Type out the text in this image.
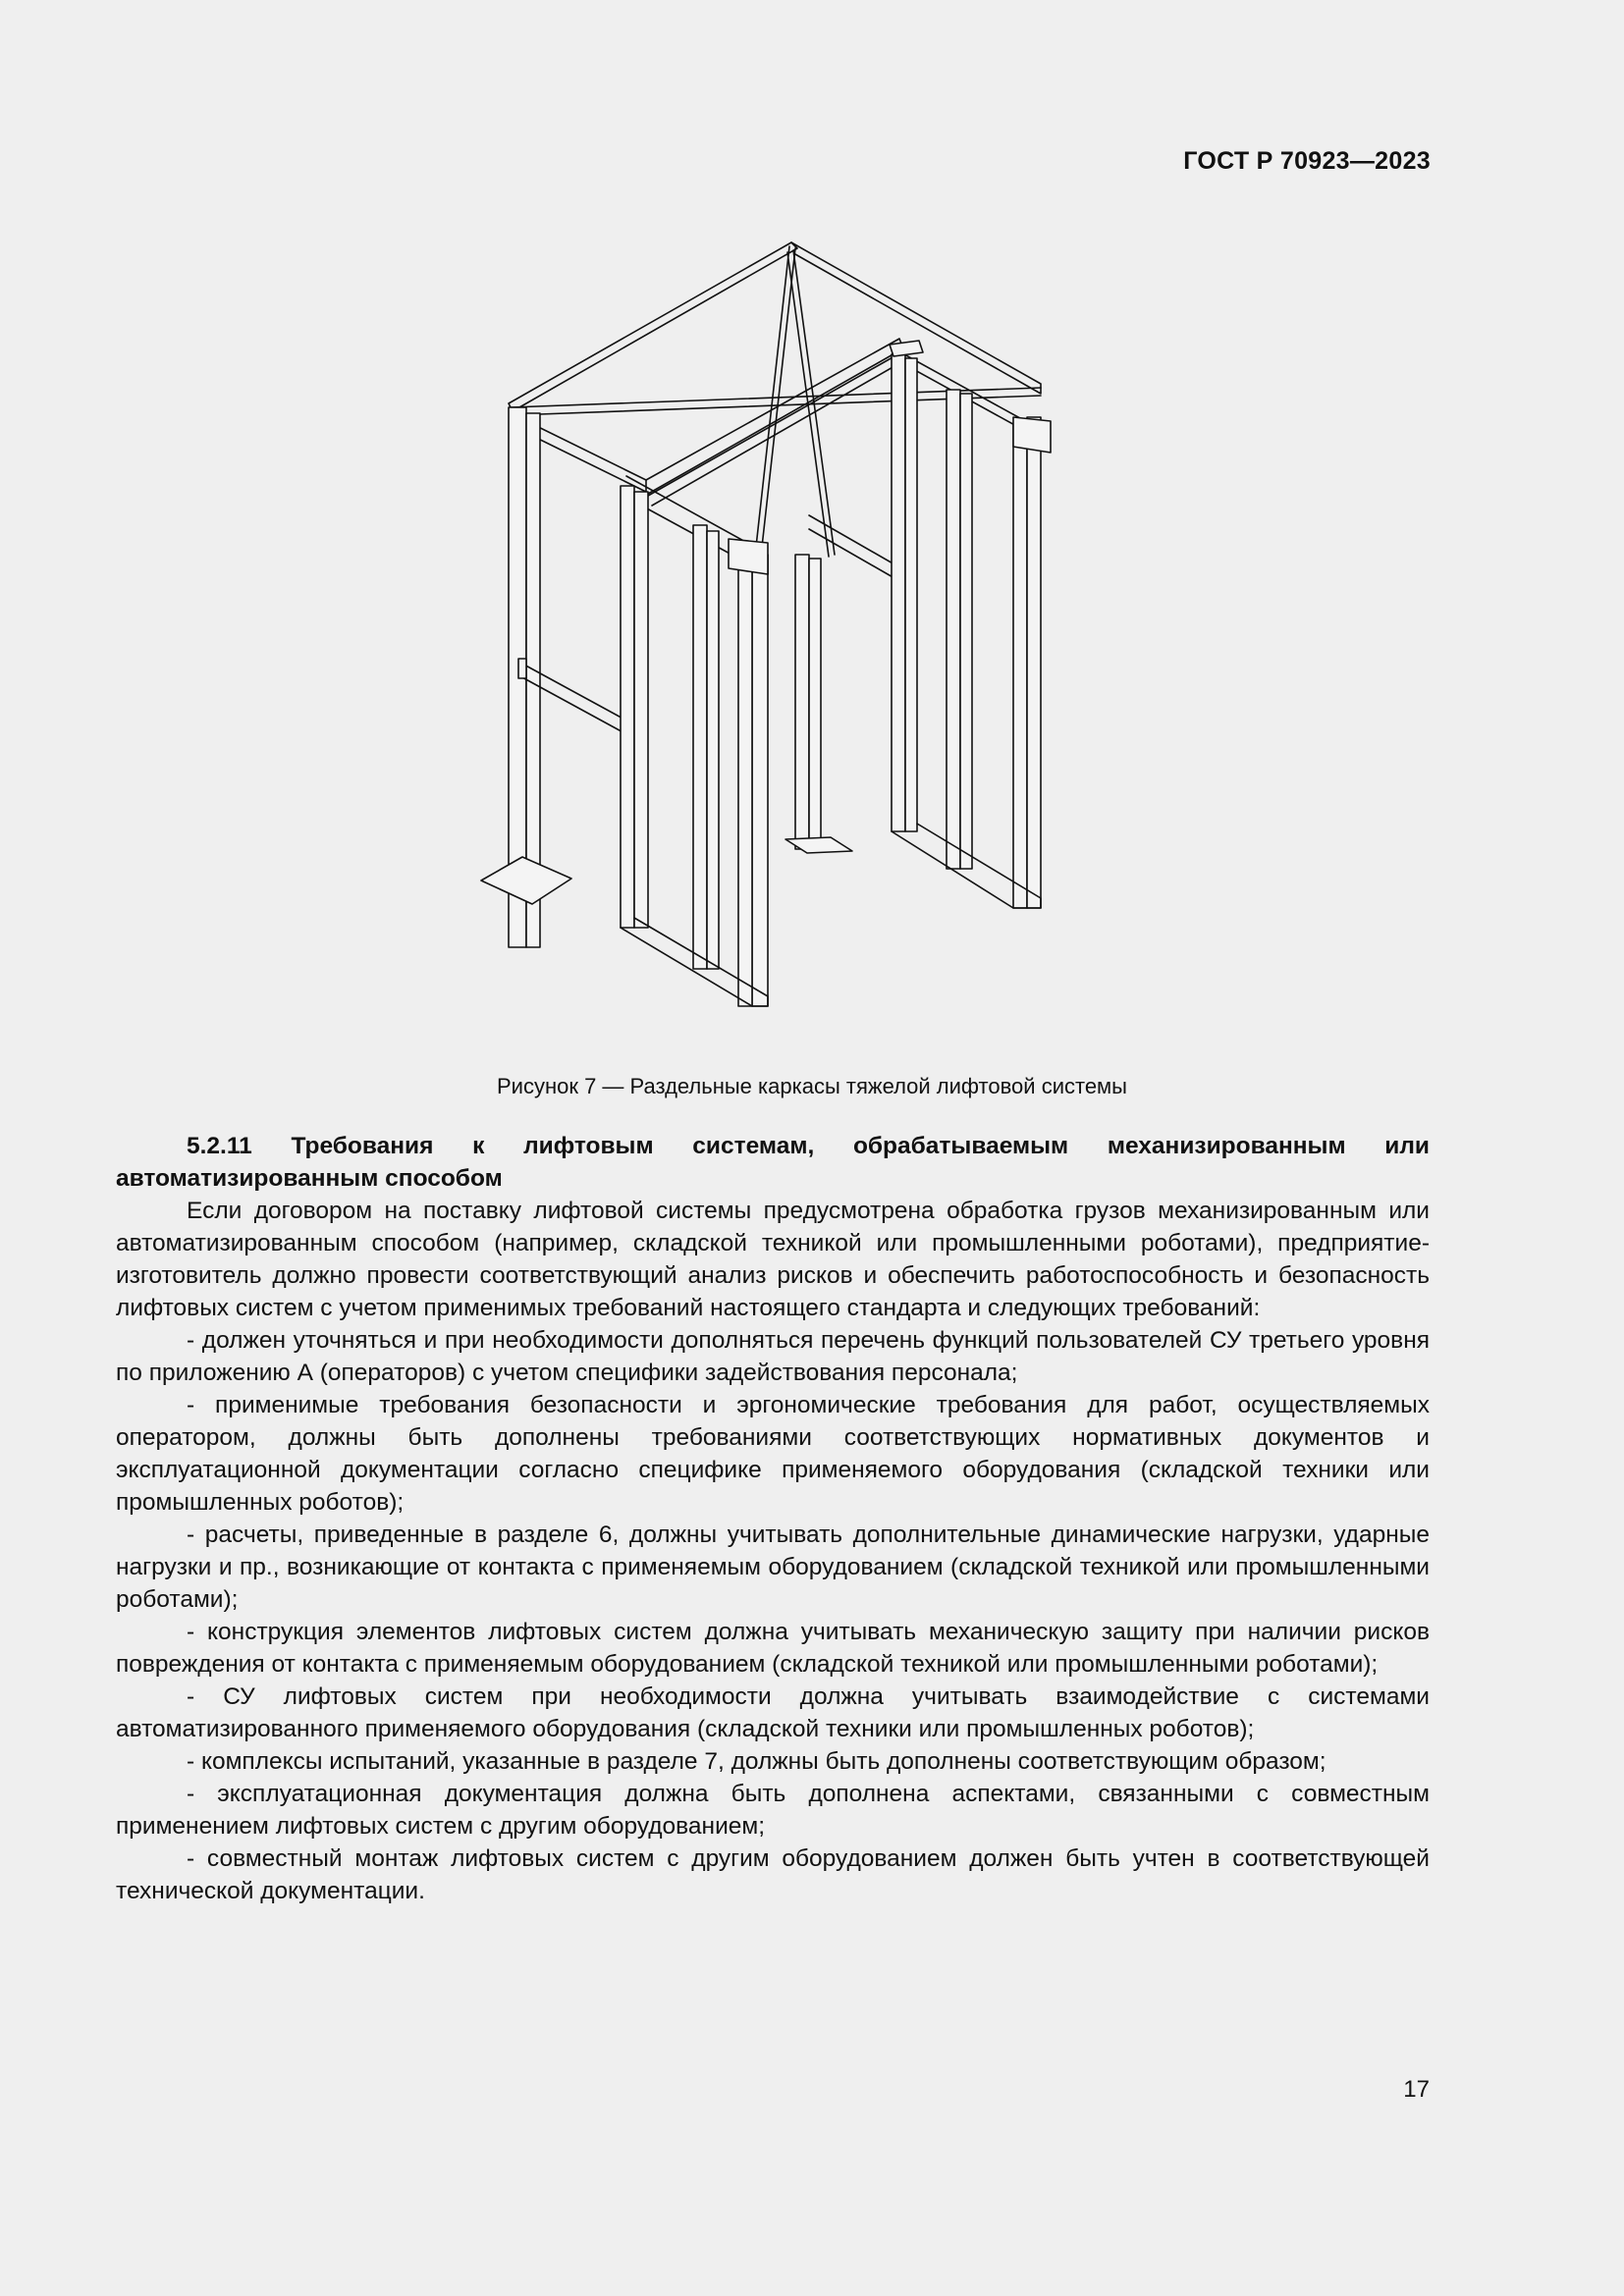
ГОСТ Р 70923—2023
Рисунок 7 — Раздельные каркасы тяжелой лифтовой системы

5.2.11 Требования к лифтовым системам, обрабатываемым механизированным или автоматизированным способом

Если договором на поставку лифтовой системы предусмотрена обработка грузов механизированным или автоматизированным способом (например, складской техникой или промышленными роботами), предприятие-изготовитель должно провести соответствующий анализ рисков и обеспечить работоспособность и безопасность лифтовых систем с учетом применимых требований настоящего стандарта и следующих требований:

- должен уточняться и при необходимости дополняться перечень функций пользователей СУ третьего уровня по приложению А (операторов) с учетом специфики задействования персонала;

- применимые требования безопасности и эргономические требования для работ, осуществляемых оператором, должны быть дополнены требованиями соответствующих нормативных документов и эксплуатационной документации согласно специфике применяемого оборудования (складской техники или промышленных роботов);

- расчеты, приведенные в разделе 6, должны учитывать дополнительные динамические нагрузки, ударные нагрузки и пр., возникающие от контакта с применяемым оборудованием (складской техникой или промышленными роботами);

- конструкция элементов лифтовых систем должна учитывать механическую защиту при наличии рисков повреждения от контакта с применяемым оборудованием (складской техникой или промышленными роботами);

- СУ лифтовых систем при необходимости должна учитывать взаимодействие с системами автоматизированного применяемого оборудования (складской техники или промышленных роботов);

- комплексы испытаний, указанные в разделе 7, должны быть дополнены соответствующим образом;

- эксплуатационная документация должна быть дополнена аспектами, связанными с совместным применением лифтовых систем с другим оборудованием;

- совместный монтаж лифтовых систем с другим оборудованием должен быть учтен в соответствующей технической документации.

17
